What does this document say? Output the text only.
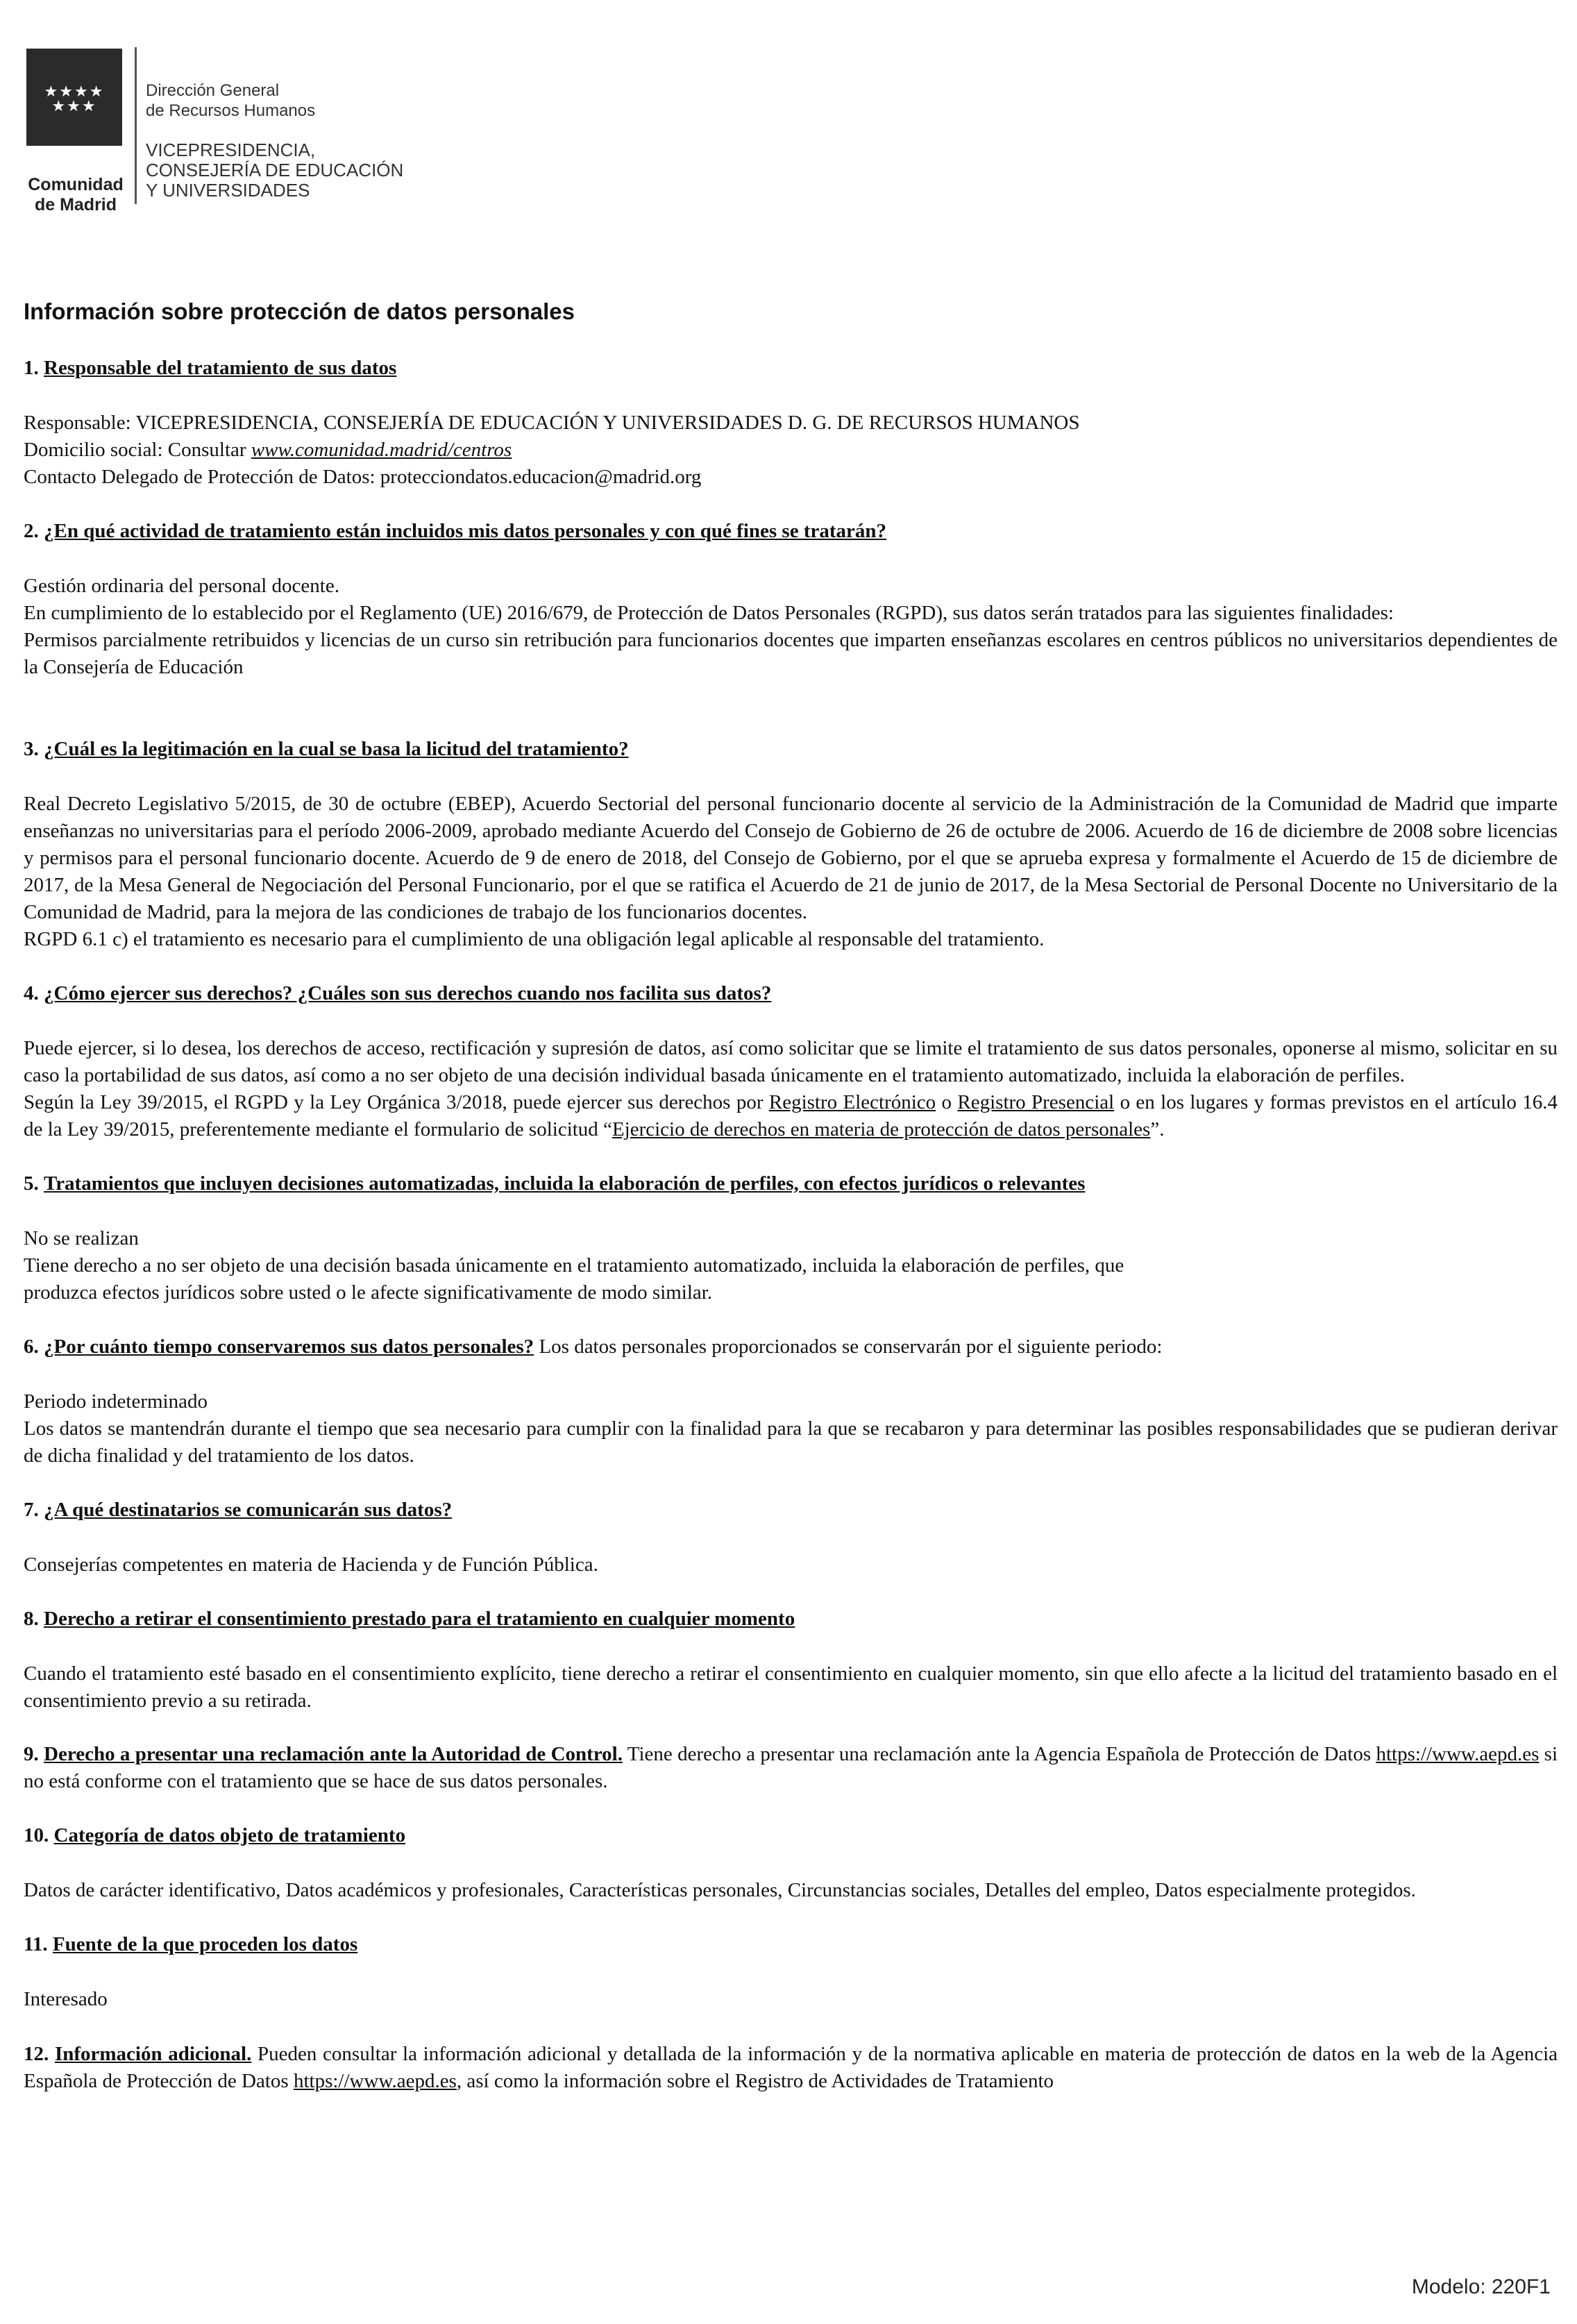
★★★★
★★★
Comunidad
de Madrid
Dirección General
de Recursos Humanos
VICEPRESIDENCIA,
CONSEJERÍA DE EDUCACIÓN
Y UNIVERSIDADES
Información sobre protección de datos personales

1. Responsable del tratamiento de sus datos

Responsable: VICEPRESIDENCIA, CONSEJERÍA DE EDUCACIÓN Y UNIVERSIDADES D. G. DE RECURSOS HUMANOS

Domicilio social: Consultar www.comunidad.madrid/centros

Contacto Delegado de Protección de Datos: protecciondatos.educacion@madrid.org

2. ¿En qué actividad de tratamiento están incluidos mis datos personales y con qué fines se tratarán?

Gestión ordinaria del personal docente.

En cumplimiento de lo establecido por el Reglamento (UE) 2016/679, de Protección de Datos Personales (RGPD), sus datos serán tratados para las siguientes finalidades:

Permisos parcialmente retribuidos y licencias de un curso sin retribución para funcionarios docentes que imparten enseñanzas escolares en centros públicos no universitarios dependientes de la Consejería de Educación

3. ¿Cuál es la legitimación en la cual se basa la licitud del tratamiento?

Real Decreto Legislativo 5/2015, de 30 de octubre (EBEP), Acuerdo Sectorial del personal funcionario docente al servicio de la Administración de la Comunidad de Madrid que imparte enseñanzas no universitarias para el período 2006-2009, aprobado mediante Acuerdo del Consejo de Gobierno de 26 de octubre de 2006. Acuerdo de 16 de diciembre de 2008 sobre licencias y permisos para el personal funcionario docente. Acuerdo de 9 de enero de 2018, del Consejo de Gobierno, por el que se aprueba expresa y formalmente el Acuerdo de 15 de diciembre de 2017, de la Mesa General de Negociación del Personal Funcionario, por el que se ratifica el Acuerdo de 21 de junio de 2017, de la Mesa Sectorial de Personal Docente no Universitario de la Comunidad de Madrid, para la mejora de las condiciones de trabajo de los funcionarios docentes.

RGPD 6.1 c) el tratamiento es necesario para el cumplimiento de una obligación legal aplicable al responsable del tratamiento.

4. ¿Cómo ejercer sus derechos? ¿Cuáles son sus derechos cuando nos facilita sus datos?

Puede ejercer, si lo desea, los derechos de acceso, rectificación y supresión de datos, así como solicitar que se limite el tratamiento de sus datos personales, oponerse al mismo, solicitar en su caso la portabilidad de sus datos, así como a no ser objeto de una decisión individual basada únicamente en el tratamiento automatizado, incluida la elaboración de perfiles.

Según la Ley 39/2015, el RGPD y la Ley Orgánica 3/2018, puede ejercer sus derechos por Registro Electrónico o Registro Presencial o en los lugares y formas previstos en el artículo 16.4 de la Ley 39/2015, preferentemente mediante el formulario de solicitud “Ejercicio de derechos en materia de protección de datos personales”.

5. Tratamientos que incluyen decisiones automatizadas, incluida la elaboración de perfiles, con efectos jurídicos o relevantes

No se realizan

Tiene derecho a no ser objeto de una decisión basada únicamente en el tratamiento automatizado, incluida la elaboración de perfiles, que

produzca efectos jurídicos sobre usted o le afecte significativamente de modo similar.

6. ¿Por cuánto tiempo conservaremos sus datos personales? Los datos personales proporcionados se conservarán por el siguiente periodo:

Periodo indeterminado

Los datos se mantendrán durante el tiempo que sea necesario para cumplir con la finalidad para la que se recabaron y para determinar las posibles responsabilidades que se pudieran derivar de dicha finalidad y del tratamiento de los datos.

7. ¿A qué destinatarios se comunicarán sus datos?

Consejerías competentes en materia de Hacienda y de Función Pública.

8. Derecho a retirar el consentimiento prestado para el tratamiento en cualquier momento

Cuando el tratamiento esté basado en el consentimiento explícito, tiene derecho a retirar el consentimiento en cualquier momento, sin que ello afecte a la licitud del tratamiento basado en el consentimiento previo a su retirada.

9. Derecho a presentar una reclamación ante la Autoridad de Control. Tiene derecho a presentar una reclamación ante la Agencia Española de Protección de Datos https://www.aepd.es si no está conforme con el tratamiento que se hace de sus datos personales.

10. Categoría de datos objeto de tratamiento

Datos de carácter identificativo, Datos académicos y profesionales, Características personales, Circunstancias sociales, Detalles del empleo, Datos especialmente protegidos.

11. Fuente de la que proceden los datos

Interesado

12. Información adicional. Pueden consultar la información adicional y detallada de la información y de la normativa aplicable en materia de protección de datos en la web de la Agencia Española de Protección de Datos https://www.aepd.es, así como la información sobre el Registro de Actividades de Tratamiento

Modelo: 220F1
